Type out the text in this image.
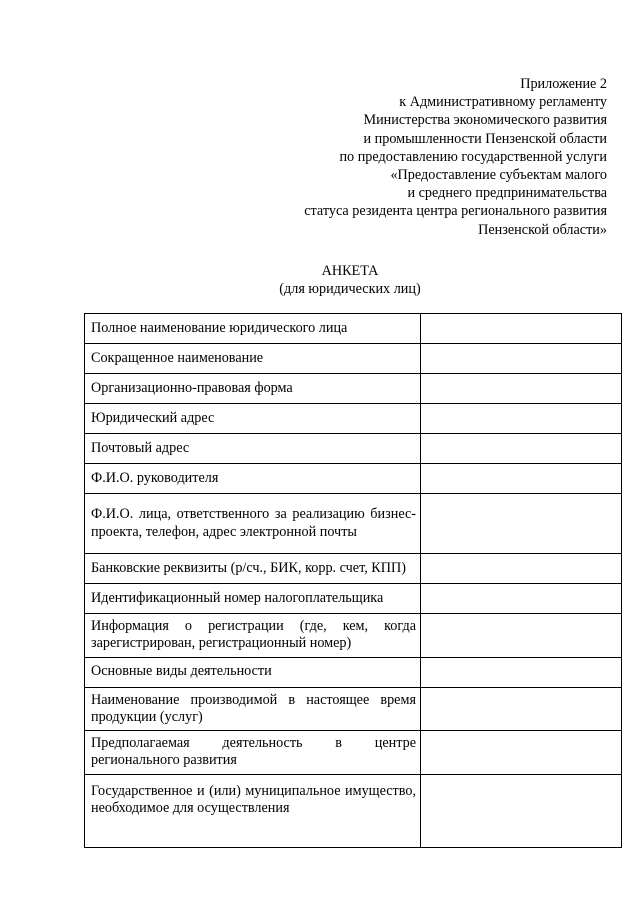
Приложение 2
к Административному регламенту
Министерства экономического развития
и промышленности Пензенской области
по предоставлению государственной услуги
«Предоставление субъектам малого
и среднего предпринимательства
статуса резидента центра регионального развития
Пензенской области»
АНКЕТА
(для юридических лиц)
Полное наименование юридического лица	
Сокращенное наименование	
Организационно-правовая форма	
Юридический адрес	
Почтовый адрес	
Ф.И.О. руководителя	
Ф.И.О. лица, ответственного за реализацию бизнес-проекта, телефон, адрес электронной почты	
Банковские реквизиты (р/сч., БИК, корр. счет, КПП)	
Идентификационный номер налогоплательщика	
Информация о регистрации (где, кем, когда зарегистрирован, регистрационный номер)	
Основные виды деятельности	
Наименование производимой в настоящее время продукции (услуг)	
Предполагаемая деятельность в центре регионального развития	
Государственное и (или) муниципальное имущество, необходимое для осуществления	
